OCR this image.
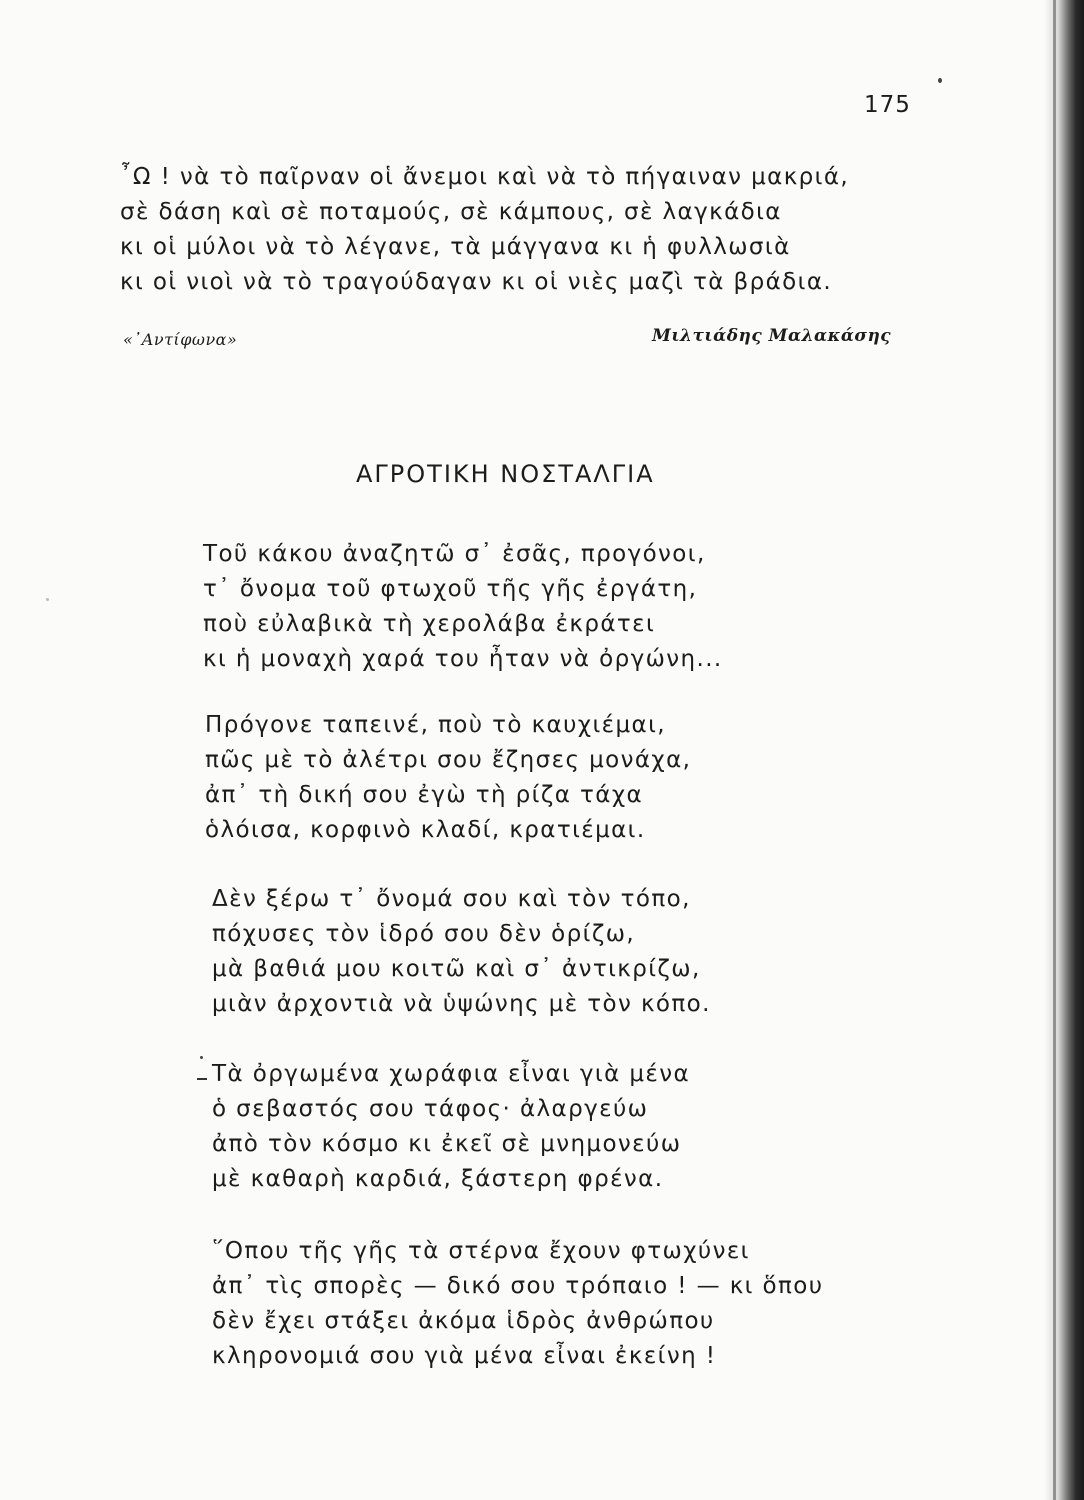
175
῏Ω ! νὰ τὸ παῖρναν οἱ ἄνεμοι καὶ νὰ τὸ πήγαιναν μακριά,
σὲ δάση καὶ σὲ ποταμούς, σὲ κάμπους, σὲ λαγκάδια
κι οἱ μύλοι νὰ τὸ λέγανε, τὰ μάγγανα κι ἡ φυλλωσιὰ
κι οἱ νιοὶ νὰ τὸ τραγούδαγαν κι οἱ νιὲς μαζὶ τὰ βράδια.
«᾿Αντίφωνα»	Μιλτιάδης Μαλακάσης
ΑΓΡΟΤΙΚΗ ΝΟΣΤΑΛΓΙΑ
Τοῦ κάκου ἀναζητῶ σ᾿ ἐσᾶς, προγόνοι,
τ᾿ ὄνομα τοῦ φτωχοῦ τῆς γῆς ἐργάτη,
ποὺ εὐλαβικὰ τὴ χερολάβα ἐκράτει
κι ἡ μοναχὴ χαρά του ἦταν νὰ ὀργώνη...
Πρόγονε ταπεινέ, ποὺ τὸ καυχιέμαι,
πῶς μὲ τὸ ἀλέτρι σου ἔζησες μονάχα,
ἀπ᾿ τὴ δική σου ἐγὼ τὴ ρίζα τάχα
ὁλόισα, κορφινὸ κλαδί, κρατιέμαι.
Δὲν ξέρω τ᾿ ὄνομά σου καὶ τὸν τόπο,
πόχυσες τὸν ἱδρό σου δὲν ὁρίζω,
μὰ βαθιά μου κοιτῶ καὶ σ᾿ ἀντικρίζω,
μιὰν ἀρχοντιὰ νὰ ὑψώνης μὲ τὸν κόπο.
Τὰ ὀργωμένα χωράφια εἶναι γιὰ μένα
ὁ σεβαστός σου τάφος· ἀλαργεύω
ἀπὸ τὸν κόσμο κι ἐκεῖ σὲ μνημονεύω
μὲ καθαρὴ καρδιά, ξάστερη φρένα.
῞Οπου τῆς γῆς τὰ στέρνα ἔχουν φτωχύνει
ἀπ᾿ τὶς σπορὲς — δικό σου τρόπαιο ! — κι ὅπου
δὲν ἔχει στάξει ἀκόμα ἱδρὸς ἀνθρώπου
κληρονομιά σου γιὰ μένα εἶναι ἐκείνη !
